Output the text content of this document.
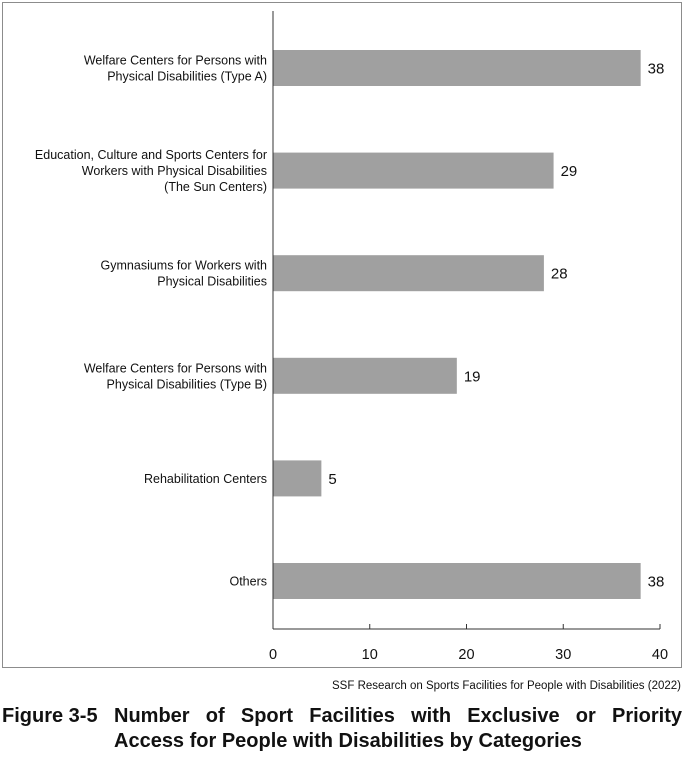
Welfare Centers for Persons with Physical Disabilities (Type A)
Education, Culture and Sports Centers for Workers with Physical Disabilities (The Sun Centers)
Gymnasiums for Workers with Physical Disabilities
Welfare Centers for Persons with Physical Disabilities (Type B)
Rehabilitation Centers
Others
38
29
28
19
5
38
0	10	20	30	40
SSF Research on Sports Facilities for People with Disabilities (2022)
Figure 3-5 Number of Sport Facilities with Exclusive or Priority Access for People with Disabilities by Categories
